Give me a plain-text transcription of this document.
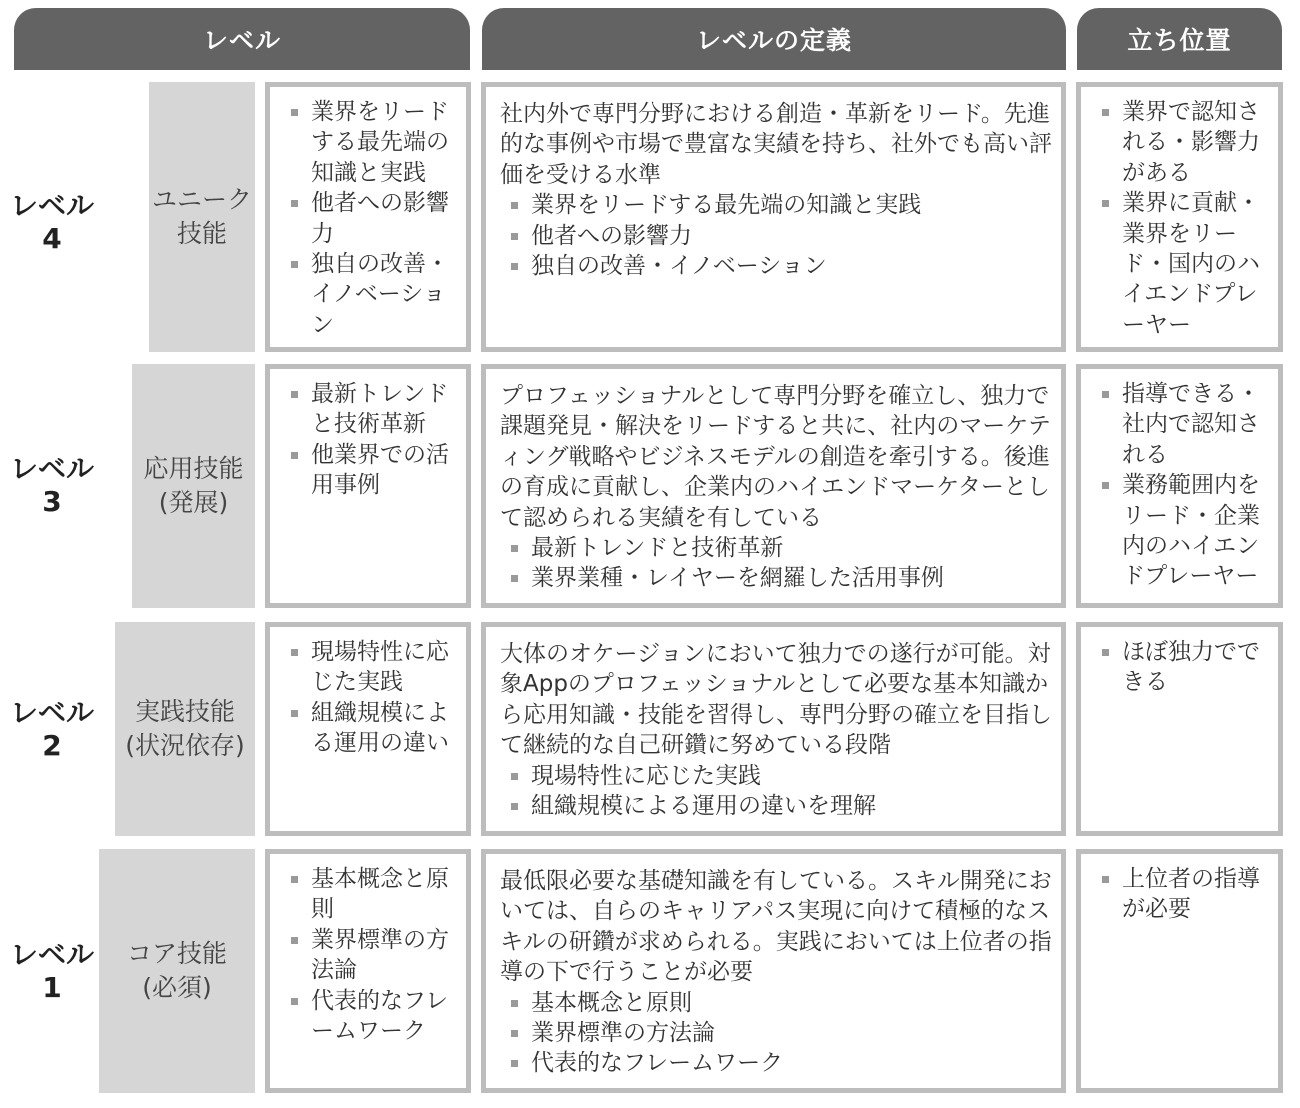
レベル	レベルの定義	立ち位置
レベル
4
ユニーク
技能
業界をリードする最先端の知識と実践
他者への影響力
独自の改善・イノベーション

社内外で専門分野における創造・革新をリード。先進的な事例や市場で豊富な実績を持ち、社外でも高い評価を受ける水準

業界をリードする最先端の知識と実践
他者への影響力
独自の改善・イノベーション
業界で認知される・影響力がある
業界に貢献・業界をリード・国内のハイエンドプレーヤー
レベル
3
応用技能
(発展)
最新トレンドと技術革新
他業界での活用事例

プロフェッショナルとして専門分野を確立し、独力で課題発見・解決をリードすると共に、社内のマーケティング戦略やビジネスモデルの創造を牽引する。後進の育成に貢献し、企業内のハイエンドマーケターとして認められる実績を有している

最新トレンドと技術革新
業界業種・レイヤーを網羅した活用事例
指導できる・社内で認知される
業務範囲内をリード・企業内のハイエンドプレーヤー
レベル
2
実践技能
(状況依存)
現場特性に応じた実践
組織規模による運用の違い

大体のオケージョンにおいて独力での遂行が可能。対象Appのプロフェッショナルとして必要な基本知識から応用知識・技能を習得し、専門分野の確立を目指して継続的な自己研鑽に努めている段階

現場特性に応じた実践
組織規模による運用の違いを理解
ほぼ独力でできる
レベル
1
コア技能
(必須)
基本概念と原則
業界標準の方法論
代表的なフレームワーク

最低限必要な基礎知識を有している。スキル開発においては、自らのキャリアパス実現に向けて積極的なスキルの研鑽が求められる。実践においては上位者の指導の下で行うことが必要

基本概念と原則
業界標準の方法論
代表的なフレームワーク
上位者の指導が必要
